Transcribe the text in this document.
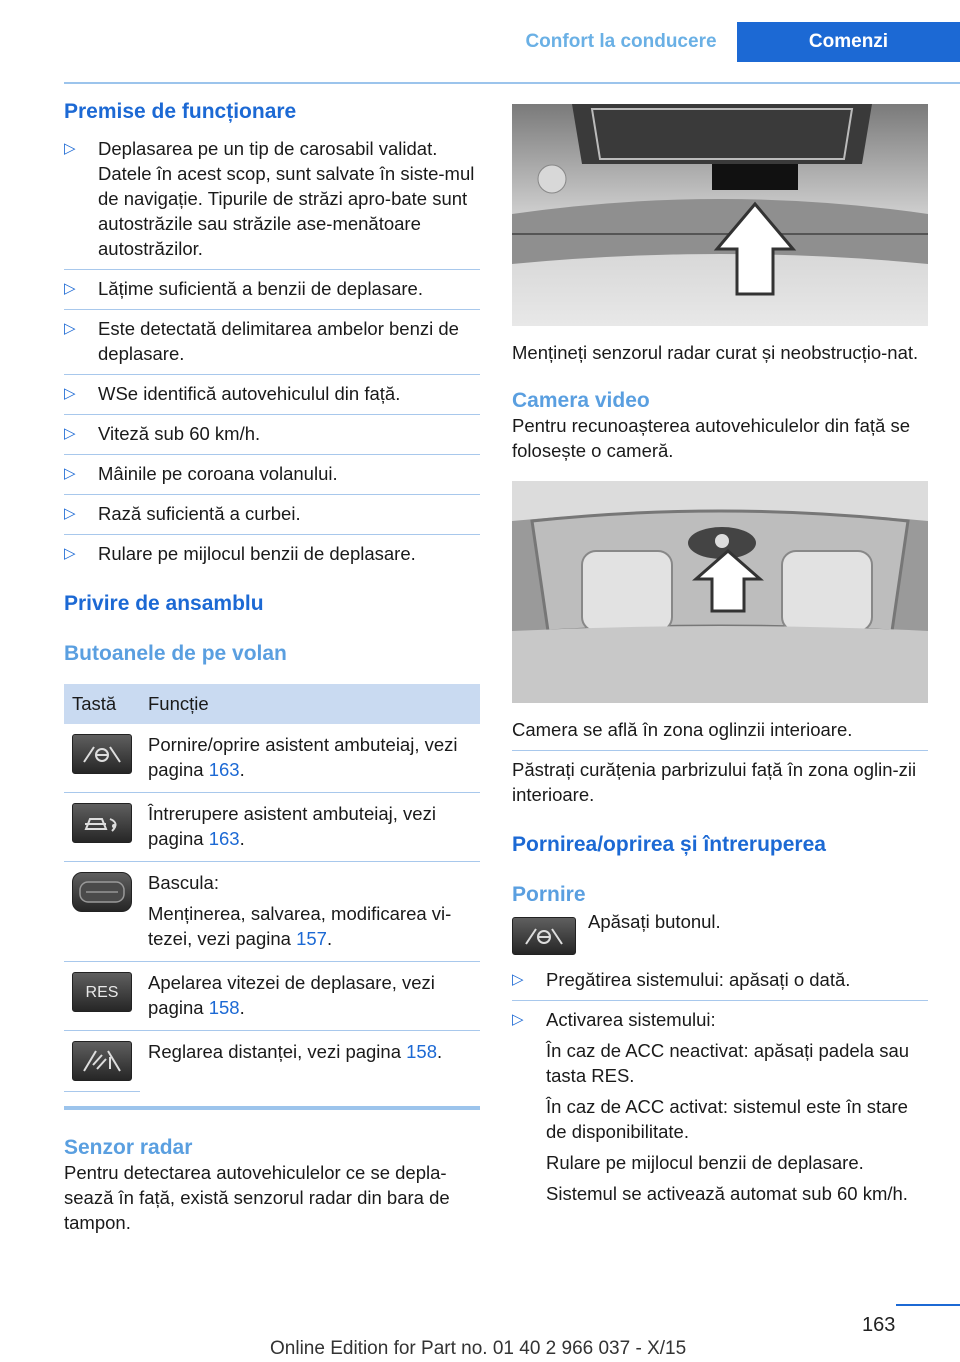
Confort la conducere	Comenzi
Premise de funcționare
▷ Deplasarea pe un tip de carosabil validat. Datele în acest scop, sunt salvate în siste‐mul de navigație. Tipurile de străzi apro‐bate sunt autostrăzile sau străzile ase‐menătoare autostrăzilor.
▷ Lățime suficientă a benzii de deplasare.
▷ Este detectată delimitarea ambelor benzi de deplasare.
▷ WSe identifică autovehiculul din față.
▷ Viteză sub 60 km/h.
▷ Mâinile pe coroana volanului.
▷ Rază suficientă a curbei.
▷ Rulare pe mijlocul benzii de deplasare.
Privire de ansamblu
Butoanele de pe volan
Tastă	Funcție

	Pornire/oprire asistent ambuteiaj, vezi pagina 163.

	Întrerupere asistent ambuteiaj, vezi pagina 163.

Bascula:
Menținerea, salvarea, modificarea vi‐tezei, vezi pagina 157.

RES	Apelarea vitezei de deplasare, vezi pagina 158.

	Reglarea distanței, vezi pagina 158.
Senzor radar

Pentru detectarea autovehiculelor ce se depla‐sează în față, există senzorul radar din bara de tampon.

Mențineți senzorul radar curat și neobstrucțio‐nat.

Camera video

Pentru recunoașterea autovehiculelor din față se folosește o cameră.

Camera se află în zona oglinzii interioare.

Păstrați curățenia parbrizului față în zona oglin‐zii interioare.

Pornirea/oprirea și întreruperea
Pornire

Apăsați butonul.

▷ Pregătirea sistemului: apăsați o dată.
▷ Activarea sistemului:
În caz de ACC neactivat: apăsați padela sau tasta RES.
În caz de ACC activat: sistemul este în stare de disponibilitate.
Rulare pe mijlocul benzii de deplasare.
Sistemul se activează automat sub 60 km/h.
163
Online Edition for Part no. 01 40 2 966 037 - X/15
